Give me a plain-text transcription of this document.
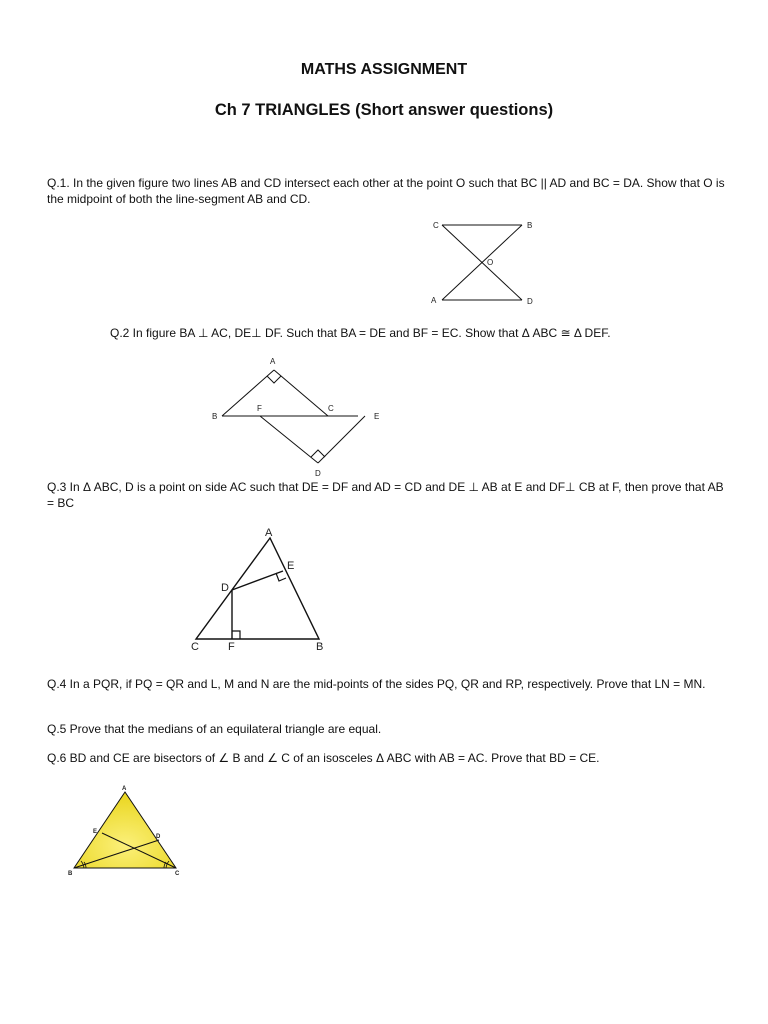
MATHS ASSIGNMENT
Ch 7 TRIANGLES (Short answer questions)
Q.1. In the given figure two lines AB and CD intersect each other at the point O such that BC || AD and BC = DA. Show that O is the midpoint of both the line-segment AB and CD.
C	B
O
A	D
Q.2 In figure BA ⊥ AC, DE⊥ DF. Such that BA = DE and BF = EC. Show that Δ ABC ≅ Δ DEF.
A
B
F	C
E
D
Q.3 In Δ ABC, D is a point on side AC such that DE = DF and AD = CD and DE ⊥ AB at E and DF⊥ CB at F, then prove that AB = BC
A
E
D
C	F	B
Q.4 In a PQR, if PQ = QR and L, M and N are the mid-points of the sides PQ, QR and RP, respectively. Prove that LN = MN.
Q.5 Prove that the medians of an equilateral triangle are equal.
Q.6 BD and CE are bisectors of ∠ B and ∠ C of an isosceles Δ ABC with AB = AC. Prove that BD = CE.
A
E
D
B	C
